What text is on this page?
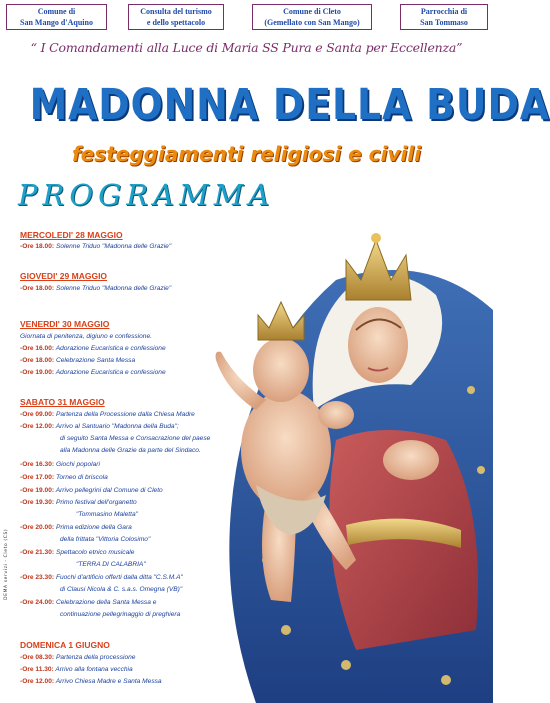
Comune di
San Mango d'Aquino
Consulta del turismo
e dello spettacolo
Comune di Cleto
(Gemellato con San Mango)
Parrocchia di
San Tommaso
“ I Comandamenti alla Luce di Maria SS Pura e Santa per Eccellenza”
MADONNA DELLA BUDA
festeggiamenti religiosi e civili
PROGRAMMA
MERCOLEDI' 28 MAGGIO
-Ore 18.00: Solenne Triduo "Madonna delle Grazie"
GIOVEDI' 29 MAGGIO
-Ore 18.00: Solenne Triduo "Madonna delle Grazie"
VENERDI' 30 MAGGIO
Giornata di penitenza, digiuno e confessione.
-Ore 16.00: Adorazione Eucaristica e confessione
-Ore 18.00: Celebrazione Santa Messa
-Ore 19.00: Adorazione Eucaristica e confessione
SABATO 31 MAGGIO
-Ore 09.00: Partenza della Processione dalla Chiesa Madre
-Ore 12.00: Arrivo al Santuario "Madonna della Buda";
di seguito Santa Messa e Consacrazione del paese
alla Madonna delle Grazie da parte del Sindaco.
-Ore 16.30: Giochi popolari
-Ore 17.00: Torneo di briscola
-Ore 19.00: Arrivo pellegrini dal Comune di Cleto
-Ore 19.30: Primo festival dell'organetto
"Tommasino Maletta"
-Ore 20.00: Prima edizione della Gara
della frittata "Vittoria Colosimo"
-Ore 21.30: Spettacolo etnico musicale
"TERRA DI CALABRIA"
-Ore 23.30: Fuochi d'artificio offerti dalla ditta "C.S.M.A"
di Clausi Nicola & C. s.a.s. Omegna (VB)"
-Ore 24.00: Celebrazione della Santa Messa e
continuazione pellegrinaggio di preghiera
DOMENICA 1 GIUGNO
-Ore 08.30: Partenza della processione
-Ore 11.30: Arrivo alla fontana vecchia
-Ore 12.00: Arrivo Chiesa Madre e Santa Messa
DEMA servizi - Cleto (CS)
